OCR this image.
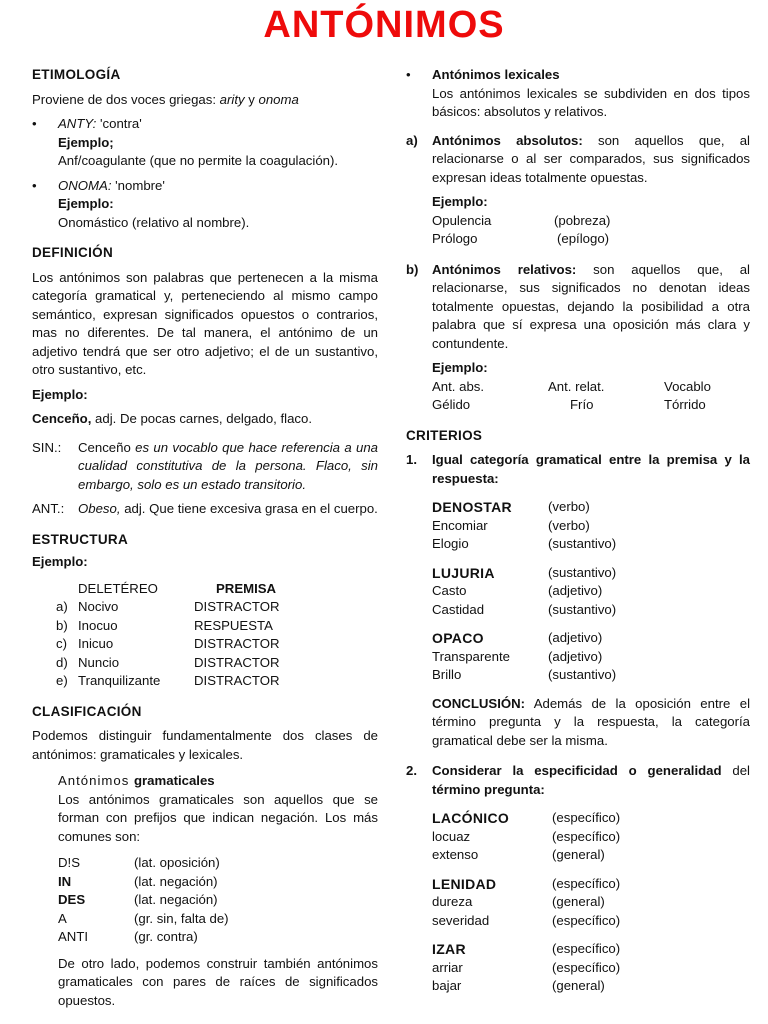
ANTÓNIMOS

ETIMOLOGÍA

Proviene de dos voces griegas: arity y onoma

•	ANTY: 'contra'
Ejemplo;
Anf/coagulante (que no permite la coagulación).
•	ONOMA: 'nombre'
Ejemplo:
Onomástico (relativo al nombre).

DEFINICIÓN

Los antónimos son palabras que pertenecen a la misma categoría gramatical y, perteneciendo al mismo campo semántico, expresan significados opuestos o contrarios, mas no diferentes. De tal manera, el antónimo de un adjetivo tendrá que ser otro adjetivo; el de un sustantivo, otro sustantivo, etc.

Ejemplo:
Cenceño, adj. De pocas carnes, delgado, flaco.
SIN.:	Cenceño es un vocablo que hace referencia a una cualidad constitutiva de la persona. Flaco, sin embargo, solo es un estado transitorio.

ANT.:	Obeso, adj. Que tiene excesiva grasa en el cuerpo.

ESTRUCTURA

Ejemplo:
DELETÉREO	PREMISA
a) Nocivo	DISTRACTOR
b) Inocuo	RESPUESTA
c) Inicuo	DISTRACTOR
d) Nuncio	DISTRACTOR
e) Tranquilizante	DISTRACTOR

CLASIFICACIÓN

Podemos distinguir fundamentalmente dos clases de antónimos: gramaticales y lexicales.

Antónimos gramaticales

Los antónimos gramaticales son aquellos que se forman con prefijos que indican negación. Los más comunes son:

D!S	(lat. oposición)
IN	(lat. negación)
DES	(lat. negación)
A	(gr. sin, falta de)
ANTI	(gr. contra)

De otro lado, podemos construir también antónimos gramaticales con pares de raíces de significados opuestos.

•	Antónimos lexicales

Los antónimos lexicales se subdividen en dos tipos básicos: absolutos y relativos.

a)	Antónimos absolutos: son aquellos que, al relacionarse o al ser comparados, sus significados expresan ideas totalmente opuestas.

Ejemplo:
Opulencia	(pobreza)
Prólogo	(epílogo)
b)	Antónimos relativos: son aquellos que, al relacionarse, sus significados no denotan ideas totalmente opuestas, dejando la posibilidad a otra palabra que sí expresa una oposición más clara y contundente.

Ejemplo:
Ant. abs.	Ant. relat.	Vocablo
Gélido	Frío	Tórrido

CRITERIOS

1.	Igual categoría gramatical entre la premisa y la respuesta:

DENOSTAR	(verbo)
Encomiar	(verbo)
Elogio	(sustantivo)
LUJURIA	(sustantivo)
Casto	(adjetivo)
Castidad	(sustantivo)
OPACO	(adjetivo)
Transparente	(adjetivo)
Brillo	(sustantivo)

CONCLUSIÓN: Además de la oposición entre el término pregunta y la respuesta, la categoría gramatical debe ser la misma.

2.	Considerar la especificidad o generalidad del término pregunta:

LACÓNICO	(específico)
locuaz	(específico)
extenso	(general)
LENIDAD	(específico)
dureza	(general)
severidad	(específico)
IZAR	(específico)
arriar	(específico)
bajar	(general)
